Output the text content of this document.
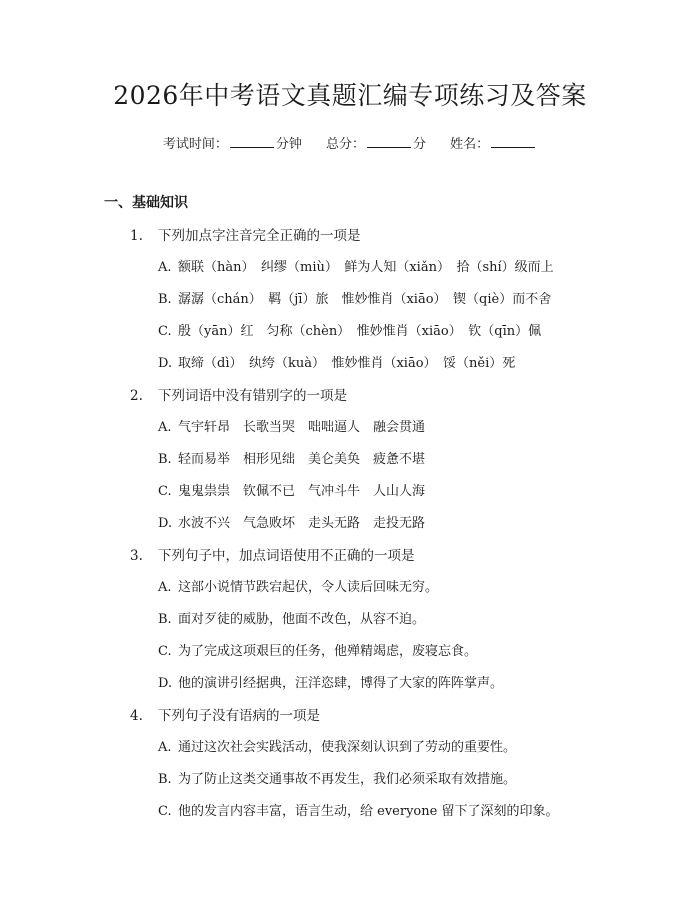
2026年中考语文真题汇编专项练习及答案
考试时间：	分钟 总分：	分 姓名：
一、基础知识
1. 下列加点字注音完全正确的一项是
A. 额联（hàn）　纠缪（miù）　鲜为人知（xiǎn）　拾（shí）级而上
B. 潺潺（chán）　羁（jī）旅　惟妙惟肖（xiāo）　锲（qiè）而不舍
C. 殷（yān）红　匀称（chèn）　惟妙惟肖（xiāo）　钦（qīn）佩
D. 取缔（dì）　纨绔（kuà）　惟妙惟肖（xiāo）　馁（něi）死
2. 下列词语中没有错别字的一项是
A. 气宇轩昂　长歌当哭　咄咄逼人　融会贯通
B. 轻而易举　相形见绌　美仑美奂　疲惫不堪
C. 鬼鬼祟祟　钦佩不已　气冲斗牛　人山人海
D. 水波不兴　气急败坏　走头无路　走投无路
3. 下列句子中，加点词语使用不正确的一项是
A. 这部小说情节跌宕起伏，令人读后回味无穷。
B. 面对歹徒的威胁，他面不改色，从容不迫。
C. 为了完成这项艰巨的任务，他殚精竭虑，废寝忘食。
D. 他的演讲引经据典，汪洋恣肆，博得了大家的阵阵掌声。
4. 下列句子没有语病的一项是
A. 通过这次社会实践活动，使我深刻认识到了劳动的重要性。
B. 为了防止这类交通事故不再发生，我们必须采取有效措施。
C. 他的发言内容丰富，语言生动，给 everyone 留下了深刻的印象。
